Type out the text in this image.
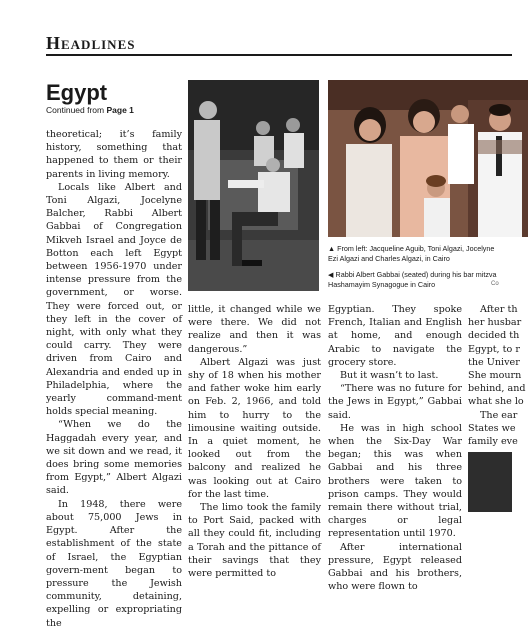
Headlines
Egypt
Continued from Page 1

theoretical; it’s family history, something that happened to them or their parents in living memory.

Locals like Albert and Toni Algazi, Jocelyne Balcher, Rabbi Albert Gabbai of Congregation Mikveh Israel and Joyce de Botton each left Egypt between 1956-1970 under intense pressure from the government, or worse. They were forced out, or they left in the cover of night, with only what they could carry. They were driven from Cairo and Alexandria and ended up in Philadelphia, where the yearly command-ment holds special meaning.

“When we do the Haggadah every year, and we sit down and we read, it does bring some memories from Egypt,” Albert Algazi said.

In 1948, there were about 75,000 Jews in Egypt. After the establishment of the state of Israel, the Egyptian govern-ment began to pressure the Jewish community, detaining, expelling or expropriating the

▲ From left: Jacqueline Aguib, Toni Algazi, Jocelyne
Ezi Algazi and Charles Algazi, in Cairo
◀ Rabbi Albert Gabbai (seated) during his bar mitzva
Hashamayim Synagogue in Cairo	Co

little, it changed while we were there. We did not realize and then it was dangerous.”

Albert Algazi was just shy of 18 when his mother and father woke him early on Feb. 2, 1966, and told him to hurry to the limousine waiting outside. In a quiet moment, he looked out from the balcony and realized he was looking out at Cairo for the last time.

The limo took the family to Port Said, packed with all they could fit, including a Torah and the pittance of their savings that they were permitted to

Egyptian. They spoke French, Italian and English at home, and enough Arabic to navigate the grocery store.

But it wasn’t to last.

“There was no future for the Jews in Egypt,” Gabbai said.

He was in high school when the Six-Day War began; this was when Gabbai and his three brothers were taken to prison camps. They would remain there without trial, charges or legal representation until 1970.

After international pressure, Egypt released Gabbai and his brothers, who were flown to

After th
her husbar
decided th
Egypt, to r
the Univer
She mourn
behind, and
what she lo
The ear
States we
family eve
